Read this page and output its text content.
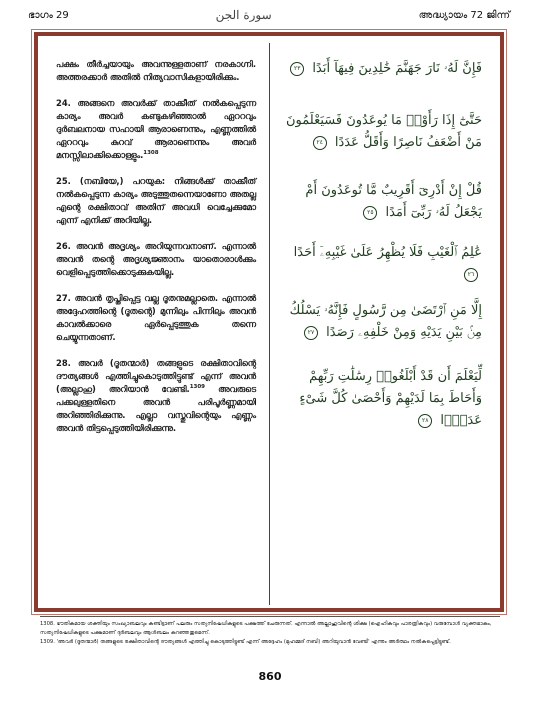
ഭാഗം 29	سورة الجن	അദ്ധ്യായം 72 ജിന്ന്

പക്ഷം തീർച്ചയായും അവന്നുള്ളതാണ് നരകാഗ്നി. അത്തരക്കാർ അതിൽ നിത്യവാസികളായിരിക്കും.

24. അങ്ങനെ അവർക്ക് താക്കീത് നൽകപ്പെടുന്ന കാര്യം അവർ കണ്ടുകഴിഞ്ഞാൽ ഏററവും ദുർബലനായ സഹായി ആരാണെന്നും, എണ്ണത്തിൽ ഏററവും കുറവ് ആരാണെന്നും അവർ മനസ്സിലാക്കിക്കൊള്ളും.$^{1308}$

25. (നബിയേ,) പറയുക: നിങ്ങൾക്ക് താക്കീത് നൽകപ്പെടുന്ന കാര്യം അടുത്തുതന്നെയാണോ അതല്ല എന്റെ രക്ഷിതാവ് അതിന് അവധി വെച്ചേക്കുമോ എന്ന് എനിക്ക് അറിയില്ല.

26. അവൻ അദൃശ്യം അറിയുന്നവനാണ്. എന്നാൽ അവൻ തന്റെ അദൃശ്യജ്ഞാനം യാതൊരാൾക്കും വെളിപ്പെടുത്തിക്കൊടുക്കുകയില്ല.

27. അവൻ തൃപ്തിപ്പെട്ട വല്ല ദൂതനുമല്ലാതെ. എന്നാൽ അദ്ദേഹത്തിന്റെ (ദൂതന്റെ) മുന്നിലും പിന്നിലും അവൻ കാവൽക്കാരെ ഏർപ്പെടുത്തുക തന്നെ ചെയ്യുന്നതാണ്.

28. അവർ (ദൂതന്മാർ) തങ്ങളുടെ രക്ഷിതാവിന്റെ ദൗത്യങ്ങൾ എത്തിച്ചുകൊടുത്തിട്ടുണ്ട് എന്ന് അവൻ (അല്ലാഹു) അറിയാൻ വേണ്ടി.$^{1309}$ അവരുടെ പക്കലുള്ളതിനെ അവൻ പരിപൂർണ്ണമായി അറിഞ്ഞിരിക്കുന്നു. എല്ലാ വസ്തുവിന്റെയും എണ്ണം അവൻ തിട്ടപ്പെടുത്തിയിരിക്കുന്നു.

فَإِنَّ لَهُۥ نَارَ جَهَنَّمَ خَٰلِدِينَ فِيهَآ أَبَدًا ٢٣
حَتَّىٰٓ إِذَا رَأَوْا۟ مَا يُوعَدُونَ فَسَيَعْلَمُونَ مَنْ أَضْعَفُ نَاصِرًا وَأَقَلُّ عَدَدًا ٢٤
قُلْ إِنْ أَدْرِىٓ أَقَرِيبٌ مَّا تُوعَدُونَ أَمْ يَجْعَلُ لَهُۥ رَبِّىٓ أَمَدًا ٢٥
عَٰلِمُ ٱلْغَيْبِ فَلَا يُظْهِرُ عَلَىٰ غَيْبِهِۦٓ أَحَدًا ٢٦
إِلَّا مَنِ ٱرْتَضَىٰ مِن رَّسُولٍ فَإِنَّهُۥ يَسْلُكُ مِنۢ بَيْنِ يَدَيْهِ وَمِنْ خَلْفِهِۦ رَصَدًا ٢٧
لِّيَعْلَمَ أَن قَدْ أَبْلَغُوا۟ رِسَٰلَٰتِ رَبِّهِمْ وَأَحَاطَ بِمَا لَدَيْهِمْ وَأَحْصَىٰ كُلَّ شَىْءٍ عَدَدًۢا ٢٨

1308. ഭൗതികമായ ശക്തിയും സംഖ്യാബലവും കണ്ടിട്ടാണ് പലരും സത്യനിഷേധികളുടെ പക്ഷത്ത് ചേരുന്നത്. എന്നാൽ അല്ലാഹുവിന്റെ ശിക്ഷ (ഐഹികവും പാരത്രികവും) വരുമ്പോൾ വ്യക്തമാകും, സത്യനിഷേധികളുടെ പക്ഷമാണ് ദുർബലവും ആൾബലം കുറഞ്ഞതുമെന്ന്.

1309. 'അവർ (ദൂതന്മാർ) തങ്ങളുടെ രക്ഷിതാവിന്റെ ദൗത്യങ്ങൾ എത്തിച്ചു കൊടുത്തിട്ടുണ്ട് എന്ന് അദ്ദേഹം (മുഹമ്മദ് നബി) അറിയുവാൻ വേണ്ടി' എന്നും അർത്ഥം നൽകപ്പെട്ടിട്ടുണ്ട്.

860
